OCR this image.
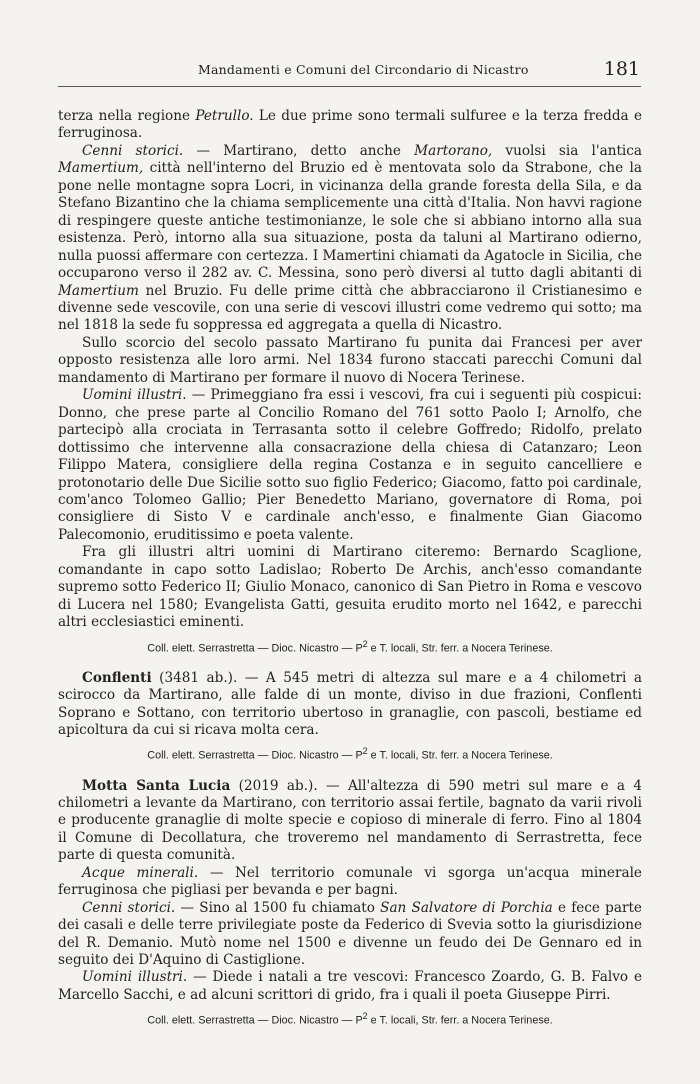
Mandamenti e Comuni del Circondario di Nicastro	181

terza nella regione Petrullo. Le due prime sono termali sulfuree e la terza fredda e ferruginosa.

Cenni storici. — Martirano, detto anche Martorano, vuolsi sia l'antica Mamertium, città nell'interno del Bruzio ed è mentovata solo da Strabone, che la pone nelle montagne sopra Locri, in vicinanza della grande foresta della Sila, e da Stefano Bizantino che la chiama semplicemente una città d'Italia. Non havvi ragione di respingere queste antiche testimonianze, le sole che si abbiano intorno alla sua esistenza. Però, intorno alla sua situazione, posta da taluni al Martirano odierno, nulla puossi affermare con certezza. I Mamertini chiamati da Agatocle in Sicilia, che occuparono verso il 282 av. C. Messina, sono però diversi al tutto dagli abitanti di Mamertium nel Bruzio. Fu delle prime città che abbracciarono il Cristianesimo e divenne sede vescovile, con una serie di vescovi illustri come vedremo qui sotto; ma nel 1818 la sede fu soppressa ed aggregata a quella di Nicastro.

Sullo scorcio del secolo passato Martirano fu punita dai Francesi per aver opposto resistenza alle loro armi. Nel 1834 furono staccati parecchi Comuni dal mandamento di Martirano per formare il nuovo di Nocera Terinese.

Uomini illustri. — Primeggiano fra essi i vescovi, fra cui i seguenti più cospicui: Donno, che prese parte al Concilio Romano del 761 sotto Paolo I; Arnolfo, che partecipò alla crociata in Terrasanta sotto il celebre Goffredo; Ridolfo, prelato dottissimo che intervenne alla consacrazione della chiesa di Catanzaro; Leon Filippo Matera, consigliere della regina Costanza e in seguito cancelliere e protonotario delle Due Sicilie sotto suo figlio Federico; Giacomo, fatto poi cardinale, com'anco Tolomeo Gallio; Pier Benedetto Mariano, governatore di Roma, poi consigliere di Sisto V e cardinale anch'esso, e finalmente Gian Giacomo Palecomonio, eruditissimo e poeta valente.

Fra gli illustri altri uomini di Martirano citeremo: Bernardo Scaglione, comandante in capo sotto Ladislao; Roberto De Archis, anch'esso comandante supremo sotto Federico II; Giulio Monaco, canonico di San Pietro in Roma e vescovo di Lucera nel 1580; Evangelista Gatti, gesuita erudito morto nel 1642, e parecchi altri ecclesiastici eminenti.

Coll. elett. Serrastretta — Dioc. Nicastro — $P^2$ e T. locali, Str. ferr. a Nocera Terinese.

Conflenti (3481 ab.). — A 545 metri di altezza sul mare e a 4 chilometri a scirocco da Martirano, alle falde di un monte, diviso in due frazioni, Conflenti Soprano e Sottano, con territorio ubertoso in granaglie, con pascoli, bestiame ed apicoltura da cui si ricava molta cera.

Coll. elett. Serrastretta — Dioc. Nicastro — $P^2$ e T. locali, Str. ferr. a Nocera Terinese.

Motta Santa Lucia (2019 ab.). — All'altezza di 590 metri sul mare e a 4 chilometri a levante da Martirano, con territorio assai fertile, bagnato da varii rivoli e producente granaglie di molte specie e copioso di minerale di ferro. Fino al 1804 il Comune di Decollatura, che troveremo nel mandamento di Serrastretta, fece parte di questa comunità.

Acque minerali. — Nel territorio comunale vi sgorga un'acqua minerale ferruginosa che pigliasi per bevanda e per bagni.

Cenni storici. — Sino al 1500 fu chiamato San Salvatore di Porchia e fece parte dei casali e delle terre privilegiate poste da Federico di Svevia sotto la giurisdizione del R. Demanio. Mutò nome nel 1500 e divenne un feudo dei De Gennaro ed in seguito dei D'Aquino di Castiglione.

Uomini illustri. — Diede i natali a tre vescovi: Francesco Zoardo, G. B. Falvo e Marcello Sacchi, e ad alcuni scrittori di grido, fra i quali il poeta Giuseppe Pirri.

Coll. elett. Serrastretta — Dioc. Nicastro — $P^2$ e T. locali, Str. ferr. a Nocera Terinese.
